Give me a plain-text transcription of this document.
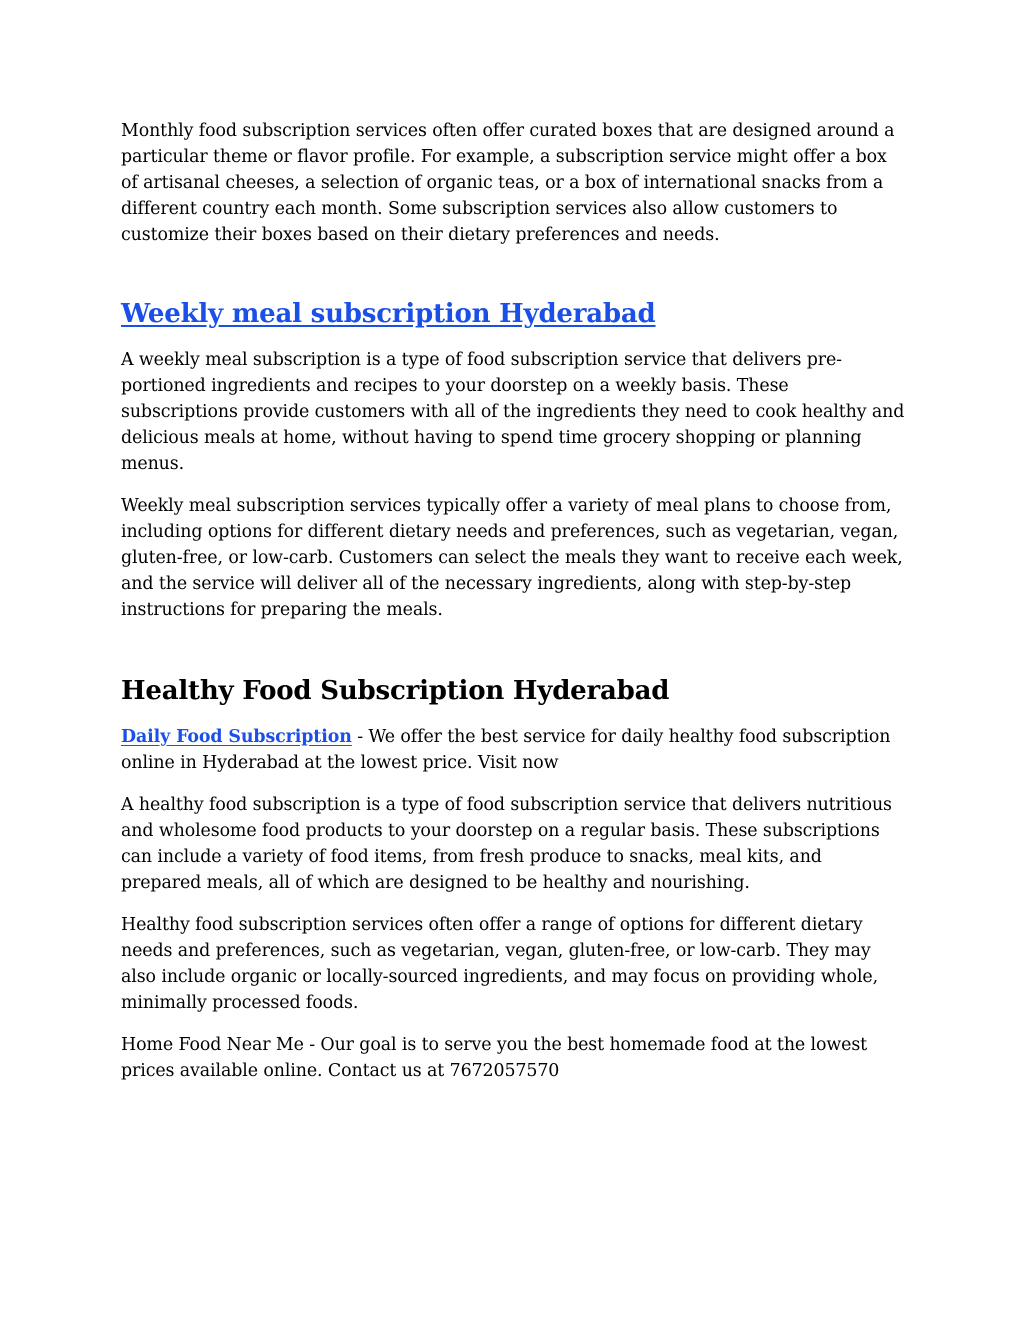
Monthly food subscription services often offer curated boxes that are designed around a particular theme or flavor profile. For example, a subscription service might offer a box of artisanal cheeses, a selection of organic teas, or a box of international snacks from a different country each month. Some subscription services also allow customers to customize their boxes based on their dietary preferences and needs.

Weekly meal subscription Hyderabad

A weekly meal subscription is a type of food subscription service that delivers pre-portioned ingredients and recipes to your doorstep on a weekly basis. These subscriptions provide customers with all of the ingredients they need to cook healthy and delicious meals at home, without having to spend time grocery shopping or planning menus.

Weekly meal subscription services typically offer a variety of meal plans to choose from, including options for different dietary needs and preferences, such as vegetarian, vegan, gluten-free, or low-carb. Customers can select the meals they want to receive each week, and the service will deliver all of the necessary ingredients, along with step-by-step instructions for preparing the meals.

Healthy Food Subscription Hyderabad

Daily Food Subscription - We offer the best service for daily healthy food subscription online in Hyderabad at the lowest price. Visit now

A healthy food subscription is a type of food subscription service that delivers nutritious and wholesome food products to your doorstep on a regular basis. These subscriptions can include a variety of food items, from fresh produce to snacks, meal kits, and prepared meals, all of which are designed to be healthy and nourishing.

Healthy food subscription services often offer a range of options for different dietary needs and preferences, such as vegetarian, vegan, gluten-free, or low-carb. They may also include organic or locally-sourced ingredients, and may focus on providing whole, minimally processed foods.

Home Food Near Me - Our goal is to serve you the best homemade food at the lowest prices available online. Contact us at 7672057570
